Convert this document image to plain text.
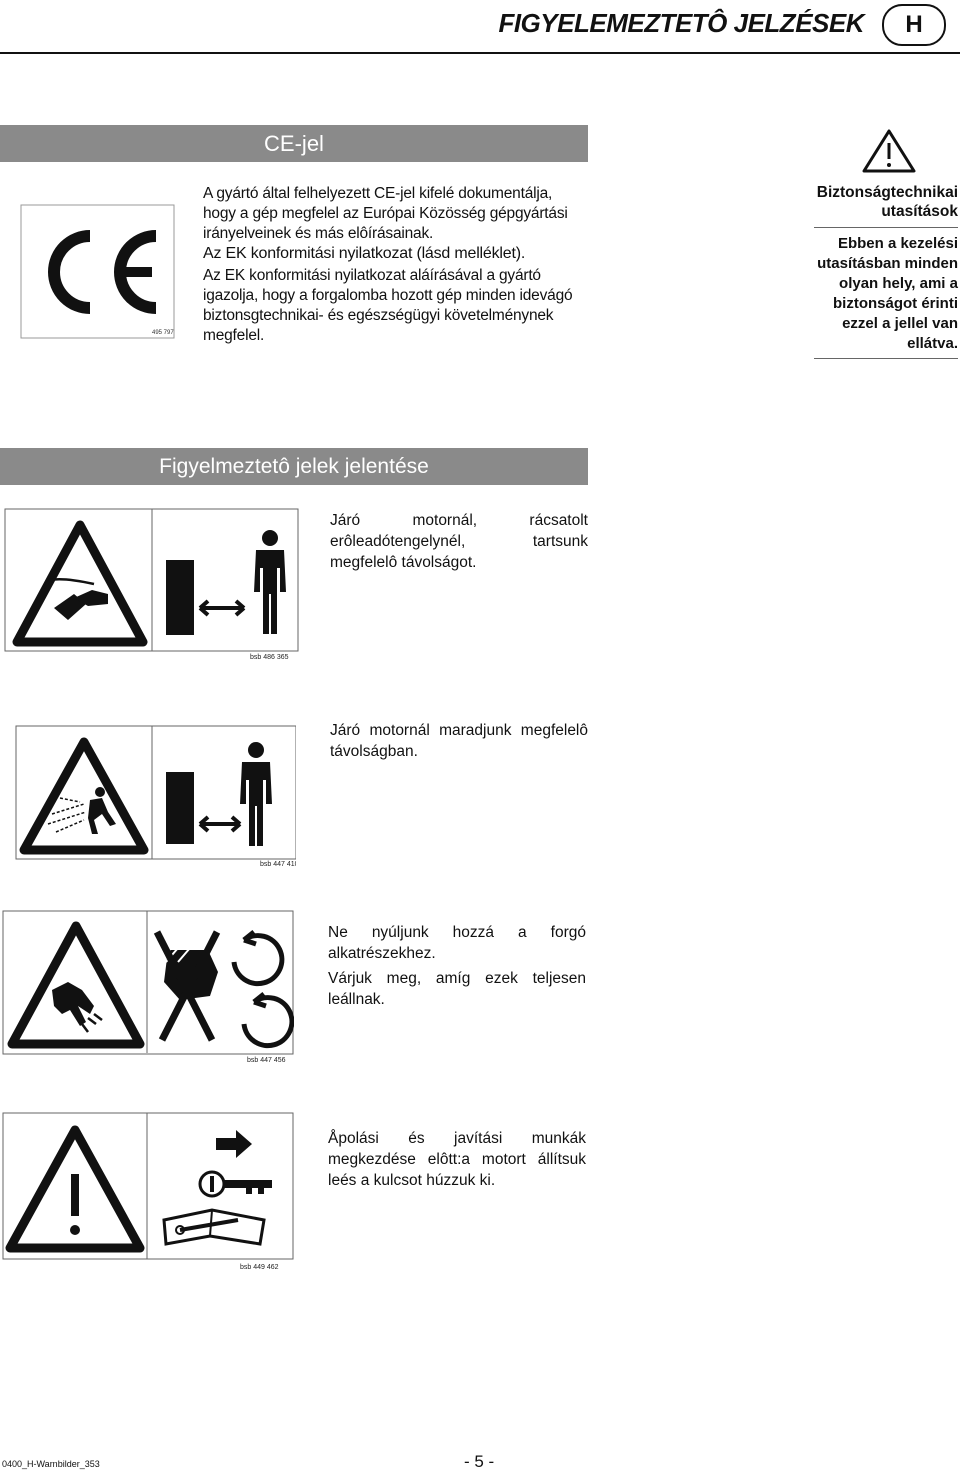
FIGYELEMEZTETÔ JELZÉSEK	H
CE-jel
495 797

A gyártó által felhelyezett CE-jel kifelé dokumentálja, hogy a gép megfelel az Európai Közösség gépgyártási irányelveinek és más elôírásainak.

Az EK konformitási nyilatkozat (lásd melléklet).

Az EK konformitási nyilatkozat aláírásával a gyártó igazolja, hogy a forgalomba hozott gép minden idevágó biztonsgtechnikai- és egészségügyi követelménynek megfelel.

Biztonságtechnikai utasítások
Ebben a kezelési utasításban minden olyan hely, ami a biztonságot érinti ezzel a jellel van ellátva.
Figyelmeztetô jelek jelentése
bsb 486 365

Járó motornál, rácsatolt erôleadótengelynél, tartsunk megfelelô távolságot.

bsb 447 410

Járó motornál maradjunk megfelelô távolságban.

bsb 447 456

Ne nyúljunk hozzá a forgó alkatrészekhez.

Várjuk meg, amíg ezek teljesen leállnak.

bsb 449 462

Åpolási és javítási munkák megkezdése elôtt:a motort állítsuk leés a kulcsot húzzuk ki.

0400_H-Warnbilder_353	- 5 -
